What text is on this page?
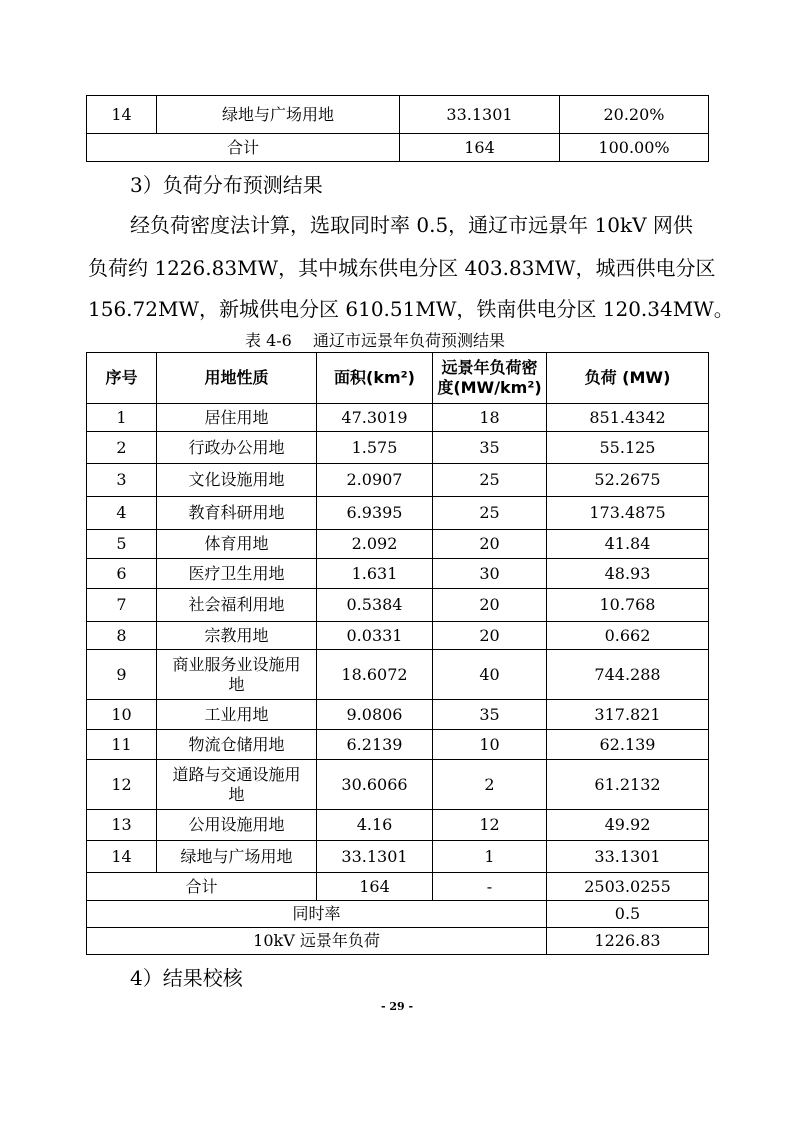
14	绿地与广场用地	33.1301	20.20%
合计		164	100.00%
3）负荷分布预测结果
经负荷密度法计算，选取同时率 0.5，通辽市远景年 10kV 网供
负荷约 1226.83MW，其中城东供电分区 403.83MW，城西供电分区
156.72MW，新城供电分区 610.51MW，铁南供电分区 120.34MW。
表 4-6　 通辽市远景年负荷预测结果
序号	用地性质	面积(km²)	远景年负荷密
度(MW/km²)	负荷 (MW)
1	居住用地	47.3019	18	851.4342
2	行政办公用地	1.575	35	55.125
3	文化设施用地	2.0907	25	52.2675
4	教育科研用地	6.9395	25	173.4875
5	体育用地	2.092	20	41.84
6	医疗卫生用地	1.631	30	48.93
7	社会福利用地	0.5384	20	10.768
8	宗教用地	0.0331	20	0.662
9	商业服务业设施用
地	18.6072	40	744.288
10	工业用地	9.0806	35	317.821
11	物流仓储用地	6.2139	10	62.139
12	道路与交通设施用
地	30.6066	2	61.2132
13	公用设施用地	4.16	12	49.92
14	绿地与广场用地	33.1301	1	33.1301
合计		164	-	2503.0255
同时率				0.5
10kV 远景年负荷				1226.83
4）结果校核
- 29 -
